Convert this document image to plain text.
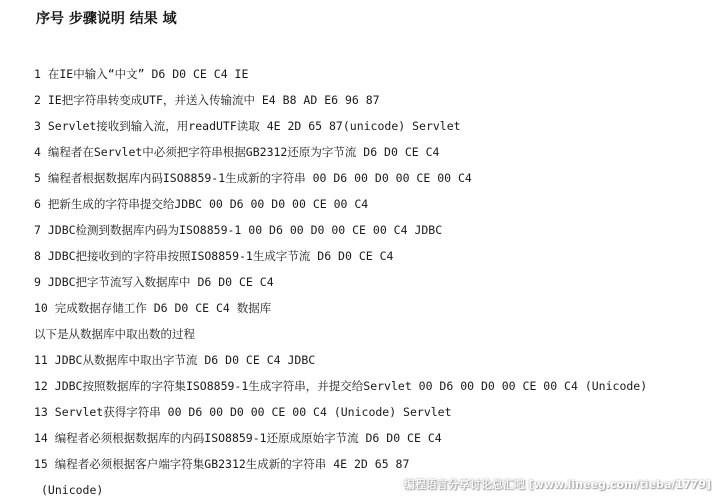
序号 步骤说明 结果 域
1 在IE中输入“中文” D6 D0 CE C4 IE
2 IE把字符串转变成UTF，并送入传输流中 E4 B8 AD E6 96 87
3 Servlet接收到输入流，用readUTF读取 4E 2D 65 87(unicode) Servlet
4 编程者在Servlet中必须把字符串根据GB2312还原为字节流 D6 D0 CE C4
5 编程者根据数据库内码ISO8859-1生成新的字符串 00 D6 00 D0 00 CE 00 C4
6 把新生成的字符串提交给JDBC 00 D6 00 D0 00 CE 00 C4
7 JDBC检测到数据库内码为ISO8859-1 00 D6 00 D0 00 CE 00 C4 JDBC
8 JDBC把接收到的字符串按照ISO8859-1生成字节流 D6 D0 CE C4
9 JDBC把字节流写入数据库中 D6 D0 CE C4
10 完成数据存储工作 D6 D0 CE C4 数据库
以下是从数据库中取出数的过程
11 JDBC从数据库中取出字节流 D6 D0 CE C4 JDBC
12 JDBC按照数据库的字符集ISO8859-1生成字符串，并提交给Servlet 00 D6 00 D0 00 CE 00 C4 (Unicode)
13 Servlet获得字符串 00 D6 00 D0 00 CE 00 C4 (Unicode) Servlet
14 编程者必须根据数据库的内码ISO8859-1还原成原始字节流 D6 D0 CE C4
15 编程者必须根据客户端字符集GB2312生成新的字符串 4E 2D 65 87
(Unicode)	编程语言分享讨论总汇吧 [www.lineeg.com/tieba/1779]
